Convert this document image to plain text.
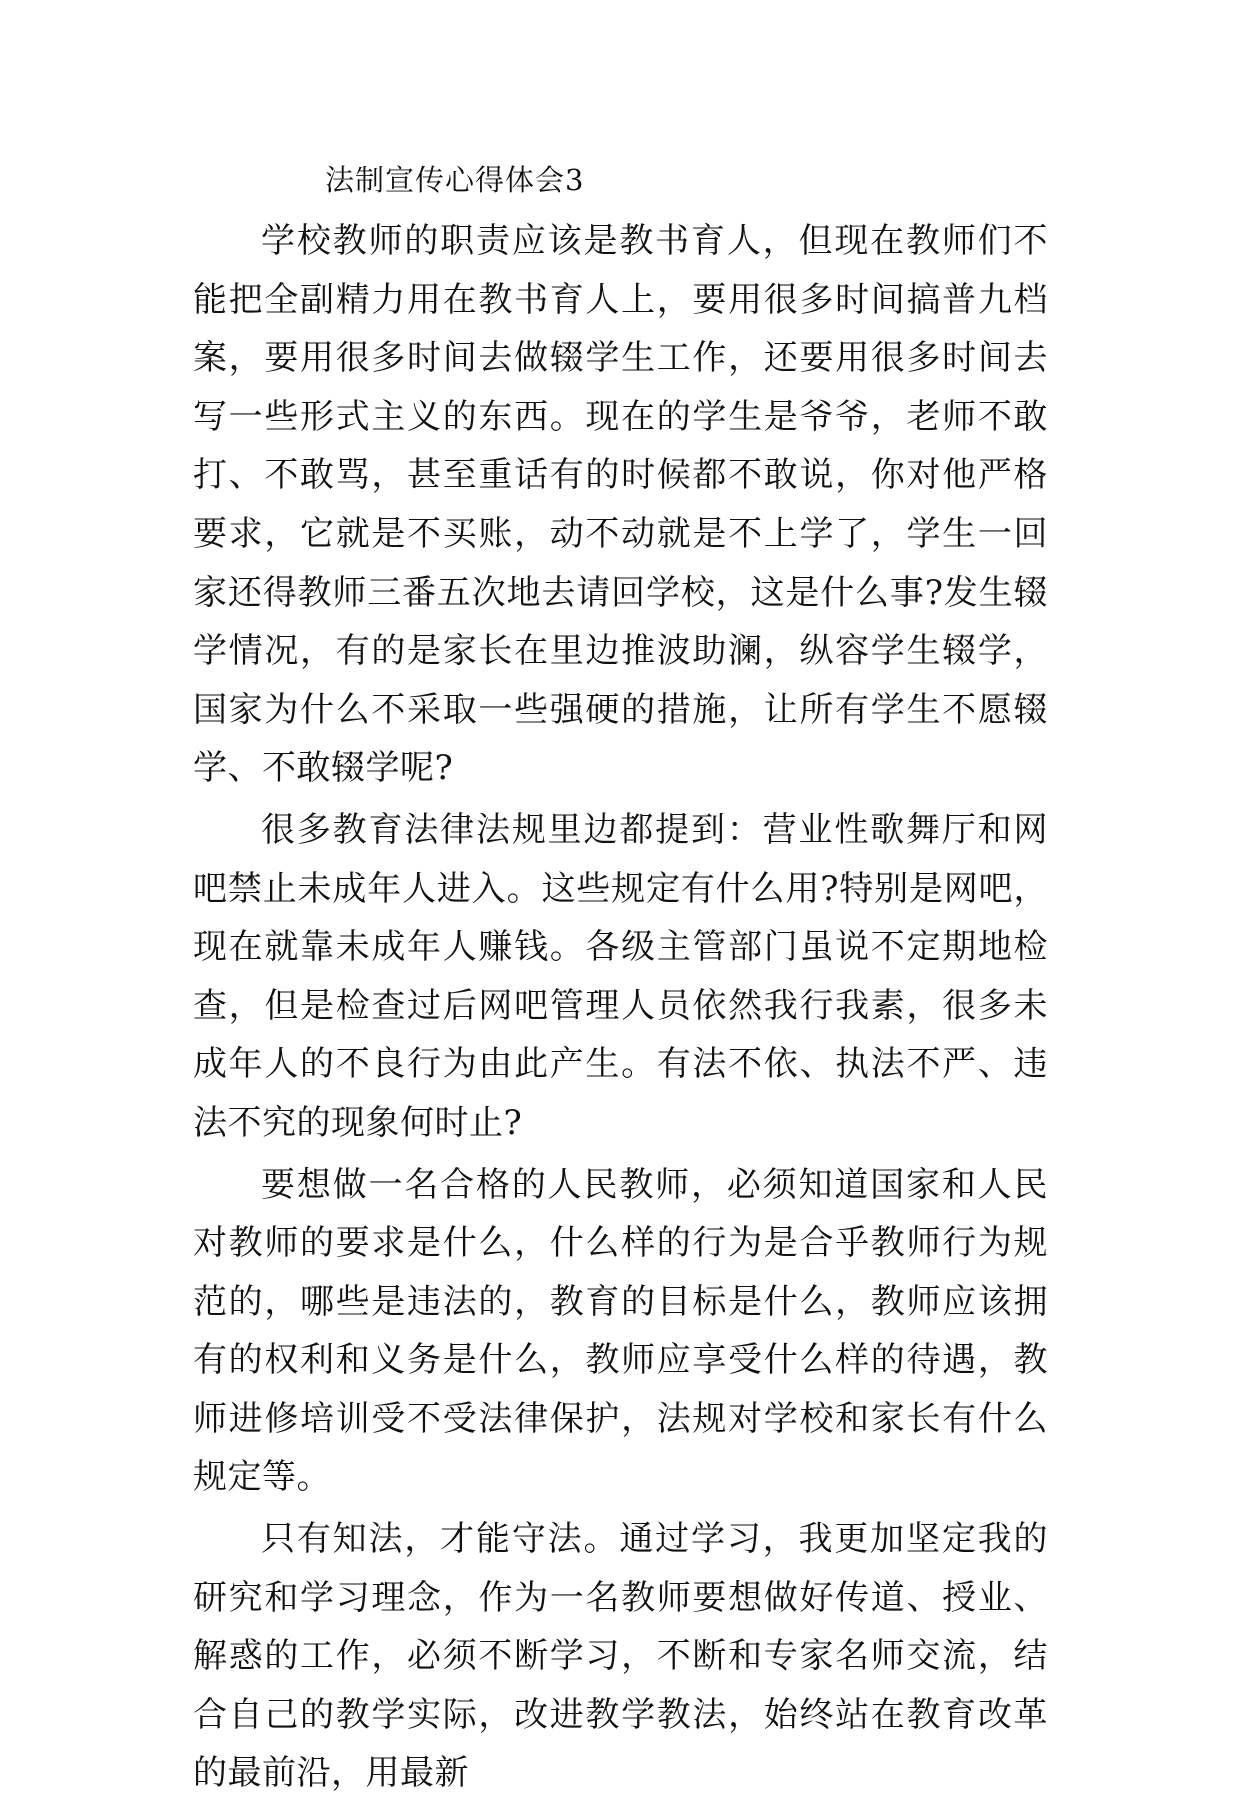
法制宣传心得体会3

学校教师的职责应该是教书育人，但现在教师们不能把全副精力用在教书育人上，要用很多时间搞普九档案，要用很多时间去做辍学生工作，还要用很多时间去写一些形式主义的东西。现在的学生是爷爷，老师不敢打、不敢骂，甚至重话有的时候都不敢说，你对他严格要求，它就是不买账，动不动就是不上学了，学生一回家还得教师三番五次地去请回学校，这是什么事?发生辍学情况，有的是家长在里边推波助澜，纵容学生辍学，国家为什么不采取一些强硬的措施，让所有学生不愿辍学、不敢辍学呢?

很多教育法律法规里边都提到：营业性歌舞厅和网吧禁止未成年人进入。这些规定有什么用?特别是网吧，现在就靠未成年人赚钱。各级主管部门虽说不定期地检查，但是检查过后网吧管理人员依然我行我素，很多未成年人的不良行为由此产生。有法不依、执法不严、违法不究的现象何时止?

要想做一名合格的人民教师，必须知道国家和人民对教师的要求是什么，什么样的行为是合乎教师行为规范的，哪些是违法的，教育的目标是什么，教师应该拥有的权利和义务是什么，教师应享受什么样的待遇，教师进修培训受不受法律保护，法规对学校和家长有什么规定等。

只有知法，才能守法。通过学习，我更加坚定我的研究和学习理念，作为一名教师要想做好传道、授业、解惑的工作，必须不断学习，不断和专家名师交流，结合自己的教学实际，改进教学教法，始终站在教育改革的最前沿，用最新
